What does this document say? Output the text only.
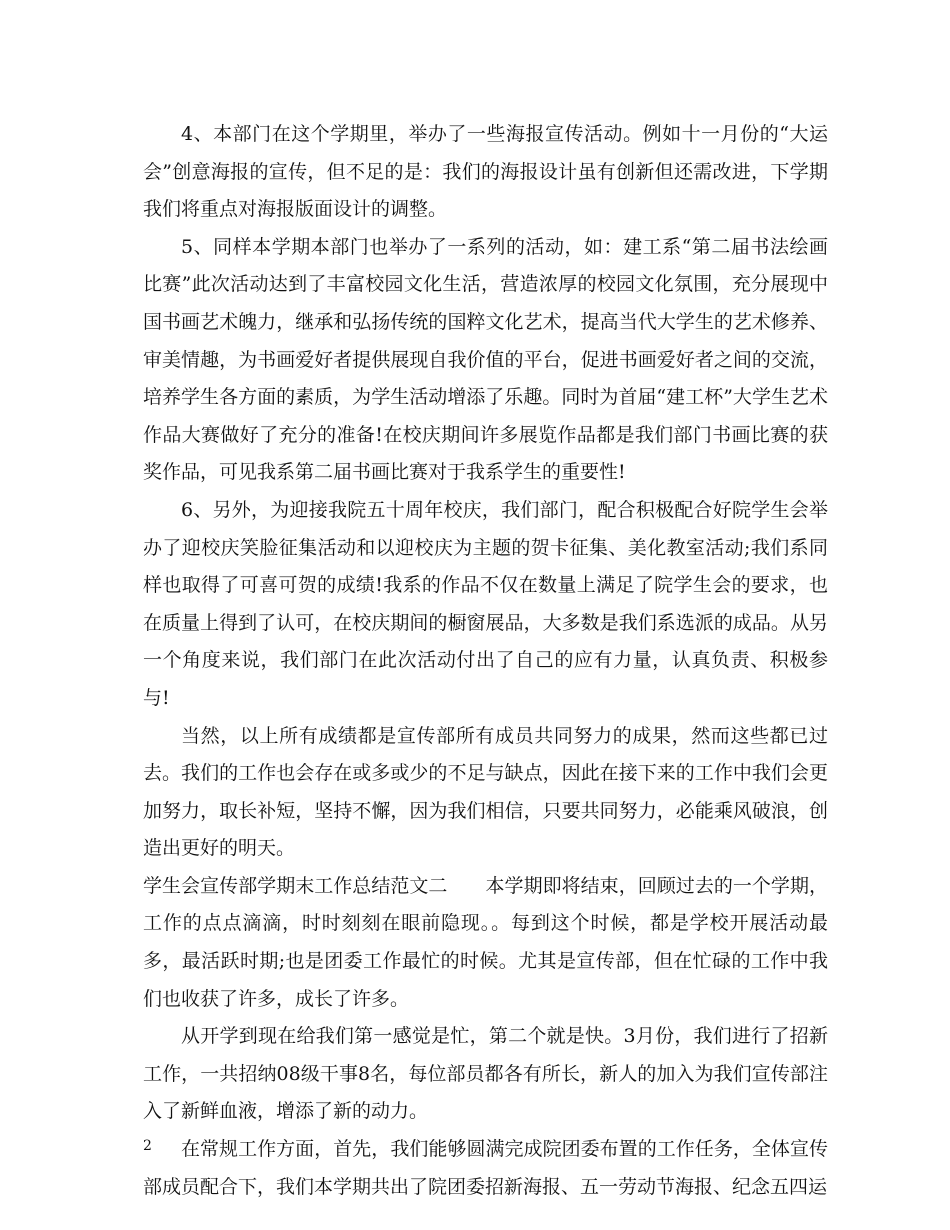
4、本部门在这个学期里，举办了一些海报宣传活动。例如十一月份的“大运会”创意海报的宣传，但不足的是：我们的海报设计虽有创新但还需改进，下学期我们将重点对海报版面设计的调整。

5、同样本学期本部门也举办了一系列的活动，如：建工系“第二届书法绘画比赛”此次活动达到了丰富校园文化生活，营造浓厚的校园文化氛围，充分展现中国书画艺术魄力，继承和弘扬传统的国粹文化艺术，提高当代大学生的艺术修养、审美情趣，为书画爱好者提供展现自我价值的平台，促进书画爱好者之间的交流，培养学生各方面的素质，为学生活动增添了乐趣。同时为首届“建工杯”大学生艺术作品大赛做好了充分的准备!在校庆期间许多展览作品都是我们部门书画比赛的获奖作品，可见我系第二届书画比赛对于我系学生的重要性!

6、另外，为迎接我院五十周年校庆，我们部门，配合积极配合好院学生会举办了迎校庆笑脸征集活动和以迎校庆为主题的贺卡征集、美化教室活动;我们系同样也取得了可喜可贺的成绩!我系的作品不仅在数量上满足了院学生会的要求，也在质量上得到了认可，在校庆期间的橱窗展品，大多数是我们系选派的成品。从另一个角度来说，我们部门在此次活动付出了自己的应有力量，认真负责、积极参与!

当然，以上所有成绩都是宣传部所有成员共同努力的成果，然而这些都已过去。我们的工作也会存在或多或少的不足与缺点，因此在接下来的工作中我们会更加努力，取长补短，坚持不懈，因为我们相信，只要共同努力，必能乘风破浪，创造出更好的明天。

学生会宣传部学期末工作总结范文二　　本学期即将结束，回顾过去的一个学期，工作的点点滴滴，时时刻刻在眼前隐现。。每到这个时候，都是学校开展活动最多，最活跃时期;也是团委工作最忙的时候。尤其是宣传部，但在忙碌的工作中我们也收获了许多，成长了许多。

从开学到现在给我们第一感觉是忙，第二个就是快。3月份，我们进行了招新工作，一共招纳08级干事8名，每位部员都各有所长，新人的加入为我们宣传部注入了新鲜血液，增添了新的动力。

在常规工作方面，首先，我们能够圆满完成院团委布置的工作任务，全体宣传部成员配合下，我们本学期共出了院团委招新海报、五一劳动节海报、纪念五四运

2
